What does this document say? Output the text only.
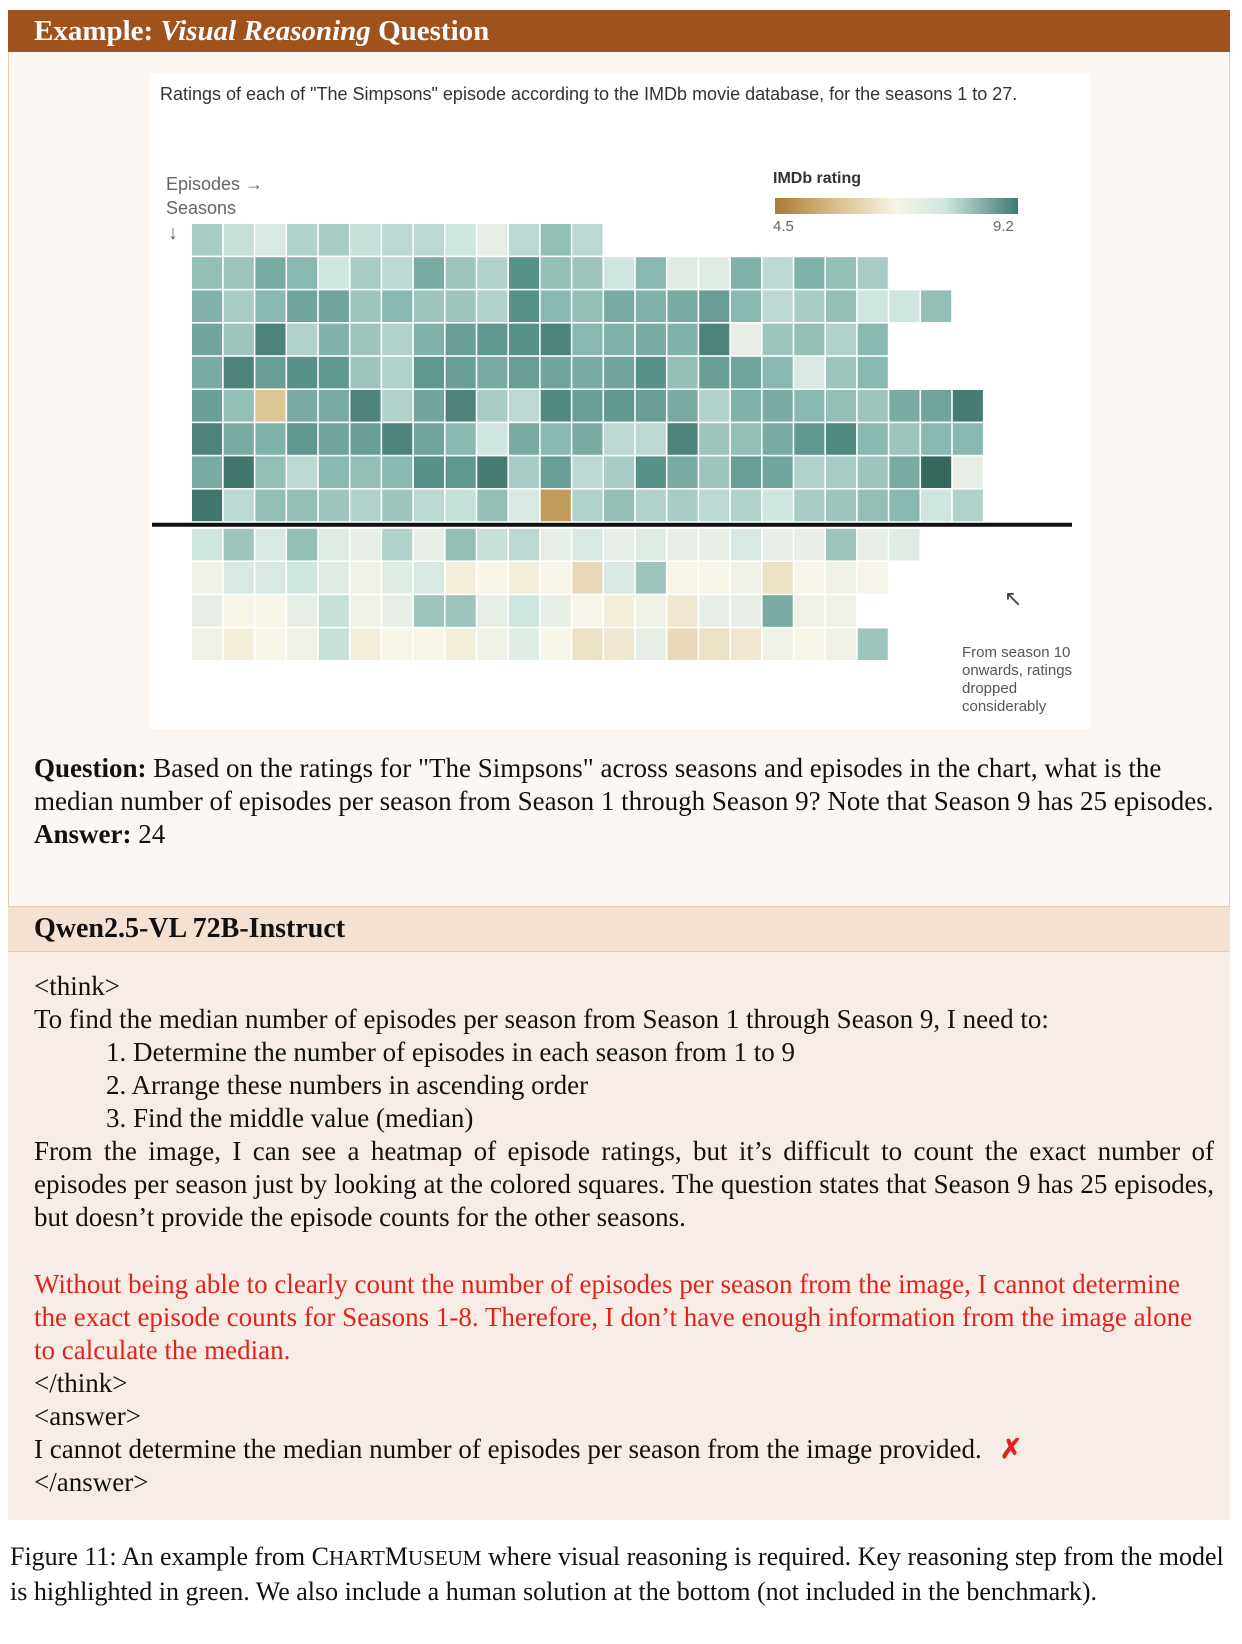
Example: Visual Reasoning Question
Ratings of each of "The Simpsons" episode according to the IMDb movie database, for the seasons 1 to 27.
Episodes →
Seasons
↓
IMDb rating
4.5	9.2
↖
From season 10
onwards, ratings
dropped
considerably
Question: Based on the ratings for "The Simpsons" across seasons and episodes in the chart, what is the median number of episodes per season from Season 1 through Season 9? Note that Season 9 has 25 episodes.
Answer: 24
Qwen2.5-VL 72B-Instruct
<think>
To find the median number of episodes per season from Season 1 through Season 9, I need to:
1. Determine the number of episodes in each season from 1 to 9
2. Arrange these numbers in ascending order
3. Find the middle value (median)
From the image, I can see a heatmap of episode ratings, but it’s difficult to count the exact number of episodes per season just by looking at the colored squares. The question states that Season 9 has 25 episodes, but doesn’t provide the episode counts for the other seasons.
Without being able to clearly count the number of episodes per season from the image, I cannot determine the exact episode counts for Seasons 1-8. Therefore, I don’t have enough information from the image alone to calculate the median.
</think>
<answer>
I cannot determine the median number of episodes per season from the image provided. ✗
</answer>
Figure 11: An example from CHARTMUSEUM where visual reasoning is required. Key reasoning step from the model is highlighted in green. We also include a human solution at the bottom (not included in the benchmark).
